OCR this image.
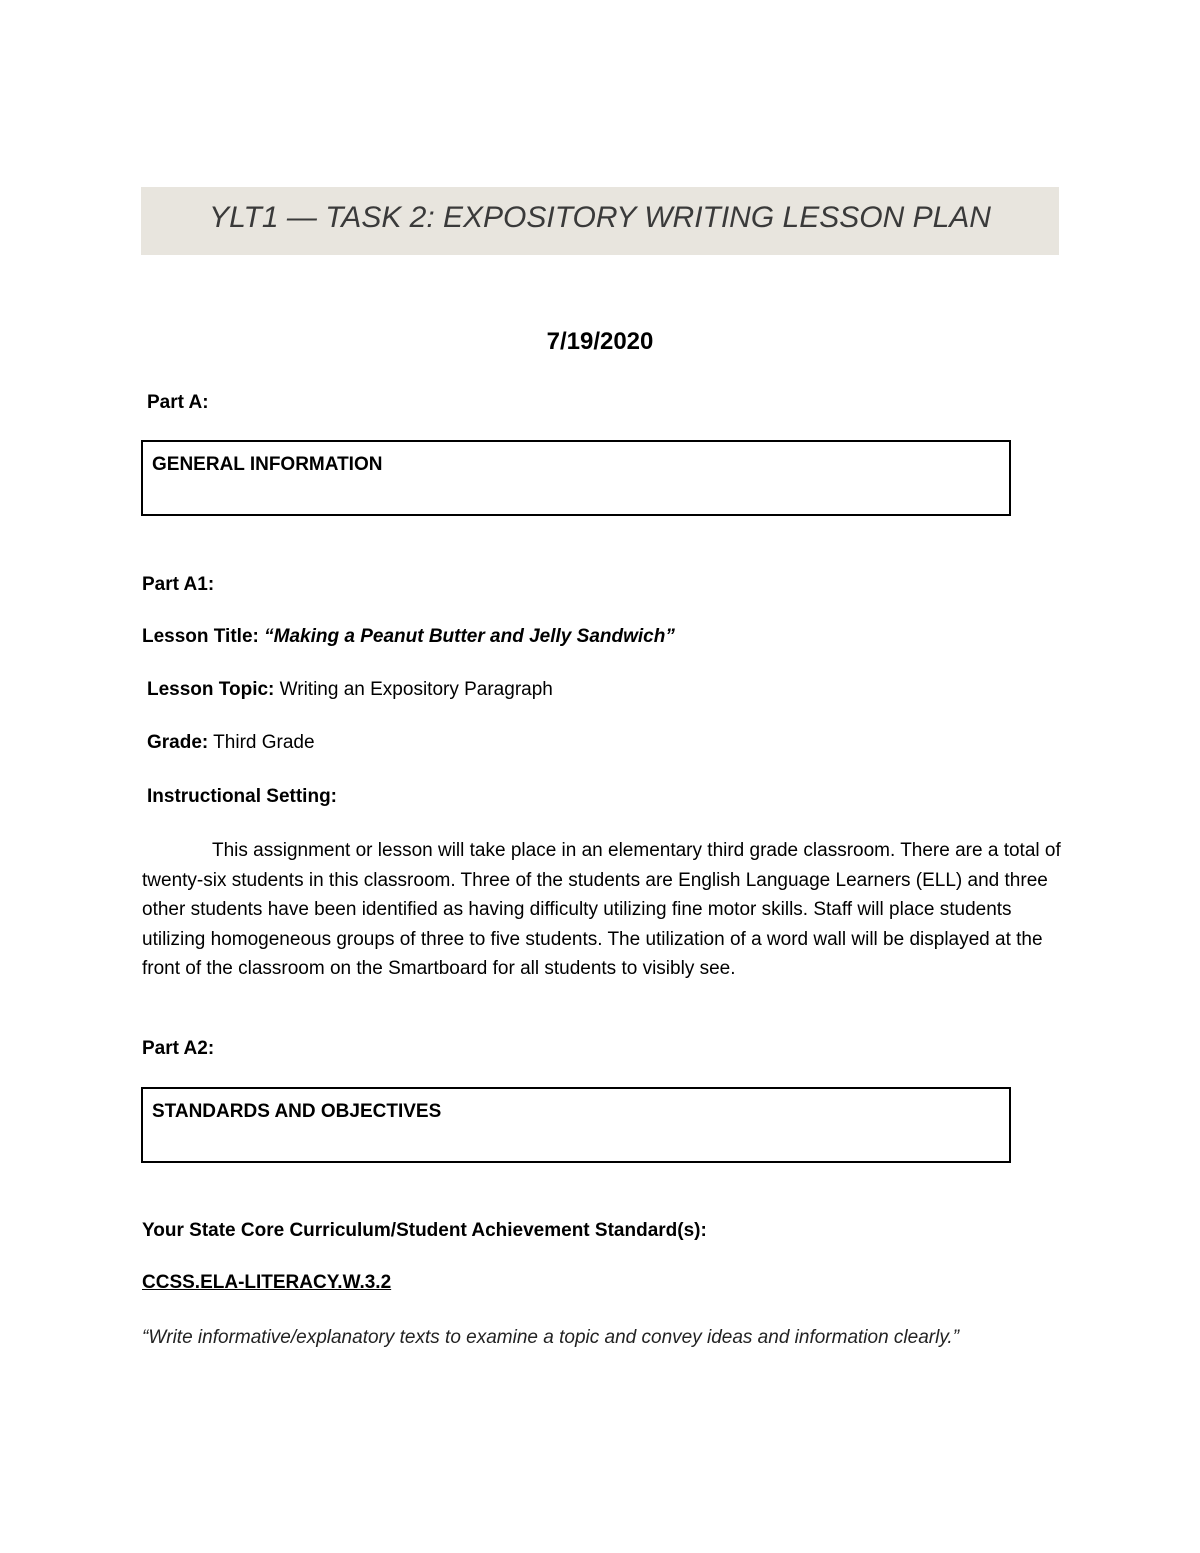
YLT1 — TASK 2: EXPOSITORY WRITING LESSON PLAN
7/19/2020
Part A:
GENERAL INFORMATION
Part A1:
Lesson Title: “Making a Peanut Butter and Jelly Sandwich”
Lesson Topic: Writing an Expository Paragraph
Grade: Third Grade
Instructional Setting:
This assignment or lesson will take place in an elementary third grade classroom. There are a total of twenty-six students in this classroom. Three of the students are English Language Learners (ELL) and three other students have been identified as having difficulty utilizing fine motor skills. Staff will place students utilizing homogeneous groups of three to five students. The utilization of a word wall will be displayed at the front of the classroom on the Smartboard for all students to visibly see.
Part A2:
STANDARDS AND OBJECTIVES
Your State Core Curriculum/Student Achievement Standard(s):
CCSS.ELA-LITERACY.W.3.2
“Write informative/explanatory texts to examine a topic and convey ideas and information clearly.”
